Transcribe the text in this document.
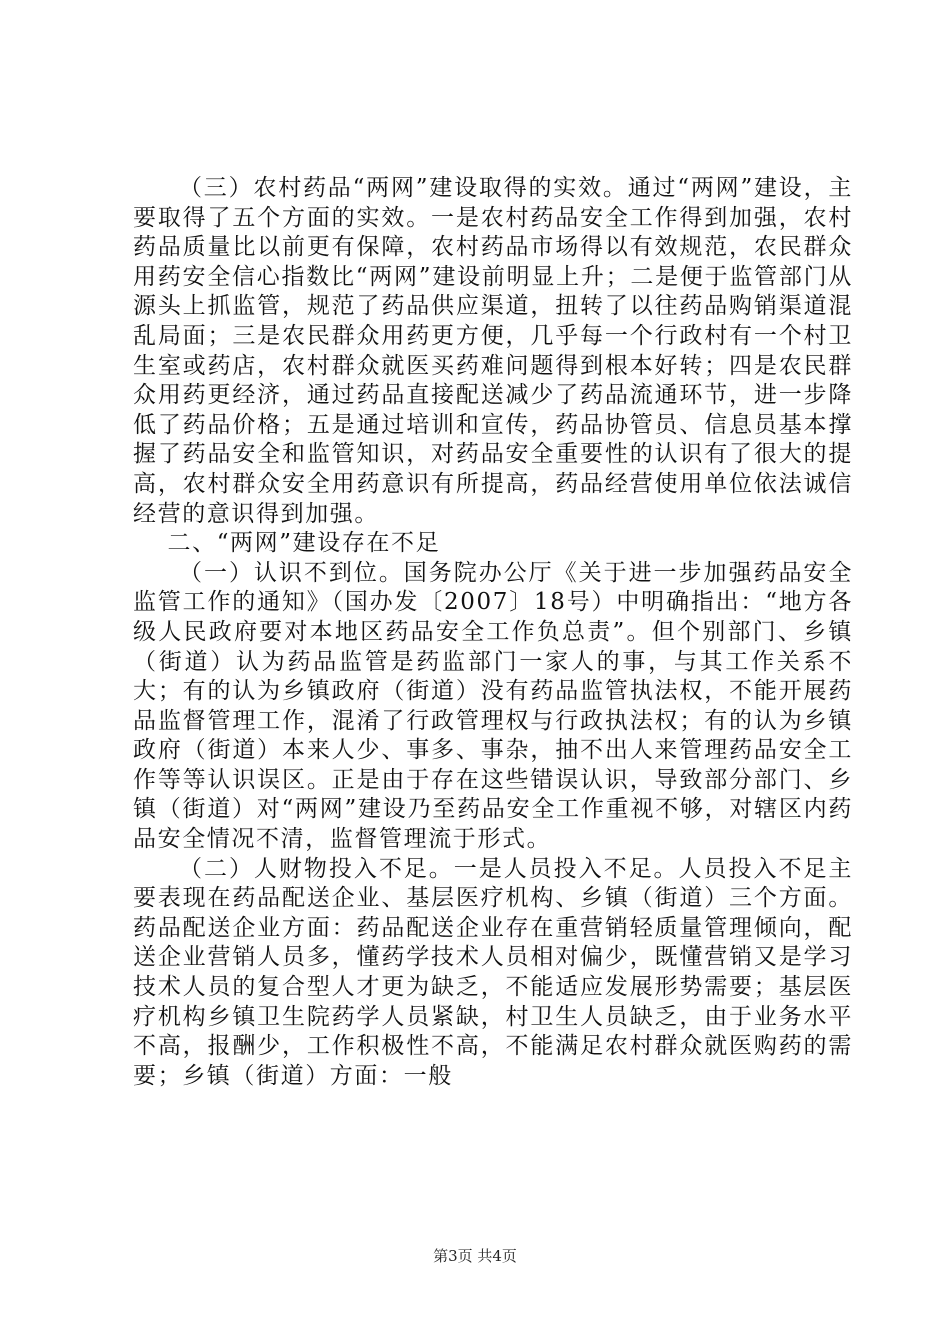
（三）农村药品“两网”建设取得的实效。通过“两网”建设，主要取得了五个方面的实效。一是农村药品安全工作得到加强，农村药品质量比以前更有保障，农村药品市场得以有效规范，农民群众用药安全信心指数比“两网”建设前明显上升；二是便于监管部门从源头上抓监管，规范了药品供应渠道，扭转了以往药品购销渠道混乱局面；三是农民群众用药更方便，几乎每一个行政村有一个村卫生室或药店，农村群众就医买药难问题得到根本好转；四是农民群众用药更经济，通过药品直接配送减少了药品流通环节，进一步降低了药品价格；五是通过培训和宣传，药品协管员、信息员基本撑握了药品安全和监管知识，对药品安全重要性的认识有了很大的提高，农村群众安全用药意识有所提高，药品经营使用单位依法诚信经营的意识得到加强。

二、“两网”建设存在不足

（一）认识不到位。国务院办公厅《关于进一步加强药品安全监管工作的通知》（国办发〔2007〕18号）中明确指出：“地方各级人民政府要对本地区药品安全工作负总责”。但个别部门、乡镇（街道）认为药品监管是药监部门一家人的事，与其工作关系不大；有的认为乡镇政府（街道）没有药品监管执法权，不能开展药品监督管理工作，混淆了行政管理权与行政执法权；有的认为乡镇政府（街道）本来人少、事多、事杂，抽不出人来管理药品安全工作等等认识误区。正是由于存在这些错误认识，导致部分部门、乡镇（街道）对“两网”建设乃至药品安全工作重视不够，对辖区内药品安全情况不清，监督管理流于形式。

（二）人财物投入不足。一是人员投入不足。人员投入不足主要表现在药品配送企业、基层医疗机构、乡镇（街道）三个方面。药品配送企业方面：药品配送企业存在重营销轻质量管理倾向，配送企业营销人员多，懂药学技术人员相对偏少，既懂营销又是学习技术人员的复合型人才更为缺乏，不能适应发展形势需要；基层医疗机构乡镇卫生院药学人员紧缺，村卫生人员缺乏，由于业务水平不高，报酬少，工作积极性不高，不能满足农村群众就医购药的需要；乡镇（街道）方面：一般

第3页 共4页
